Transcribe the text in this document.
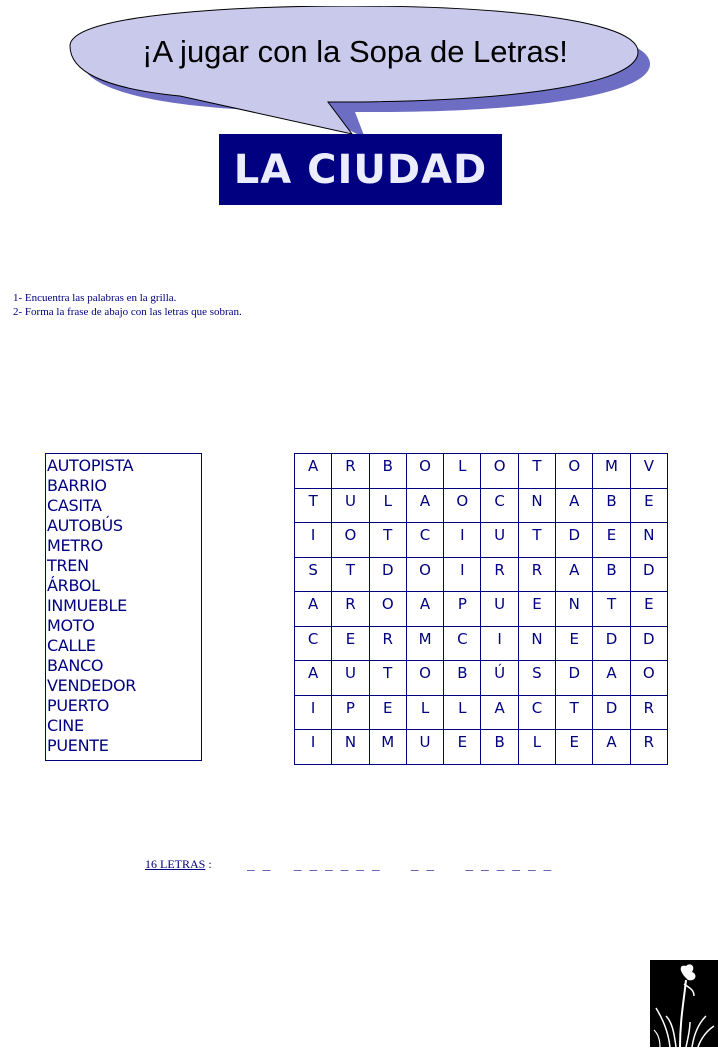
¡A jugar con la Sopa de Letras!
LA CIUDAD
1- Encuentra las palabras en la grilla.
2- Forma la frase de abajo con las letras que sobran.
AUTOPISTA
BARRIO
CASITA
AUTOBÚS
METRO
TREN
ÁRBOL
INMUEBLE
MOTO
CALLE
BANCO
VENDEDOR
PUERTO
CINE
PUENTE
A	R	B	O	L	O	T	O	M	V
T	U	L	A	O	C	N	A	B	E
I	O	T	C	I	U	T	D	E	N
S	T	D	O	I	R	R	A	B	D
A	R	O	A	P	U	E	N	T	E
C	E	R	M	C	I	N	E	D	D
A	U	T	O	B	Ú	S	D	A	O
I	P	E	L	L	A	C	T	D	R
I	N	M	U	E	B	L	E	A	R
16 LETRAS :	_ _   _ _ _ _ _ _    _ _    _ _ _ _ _ _
